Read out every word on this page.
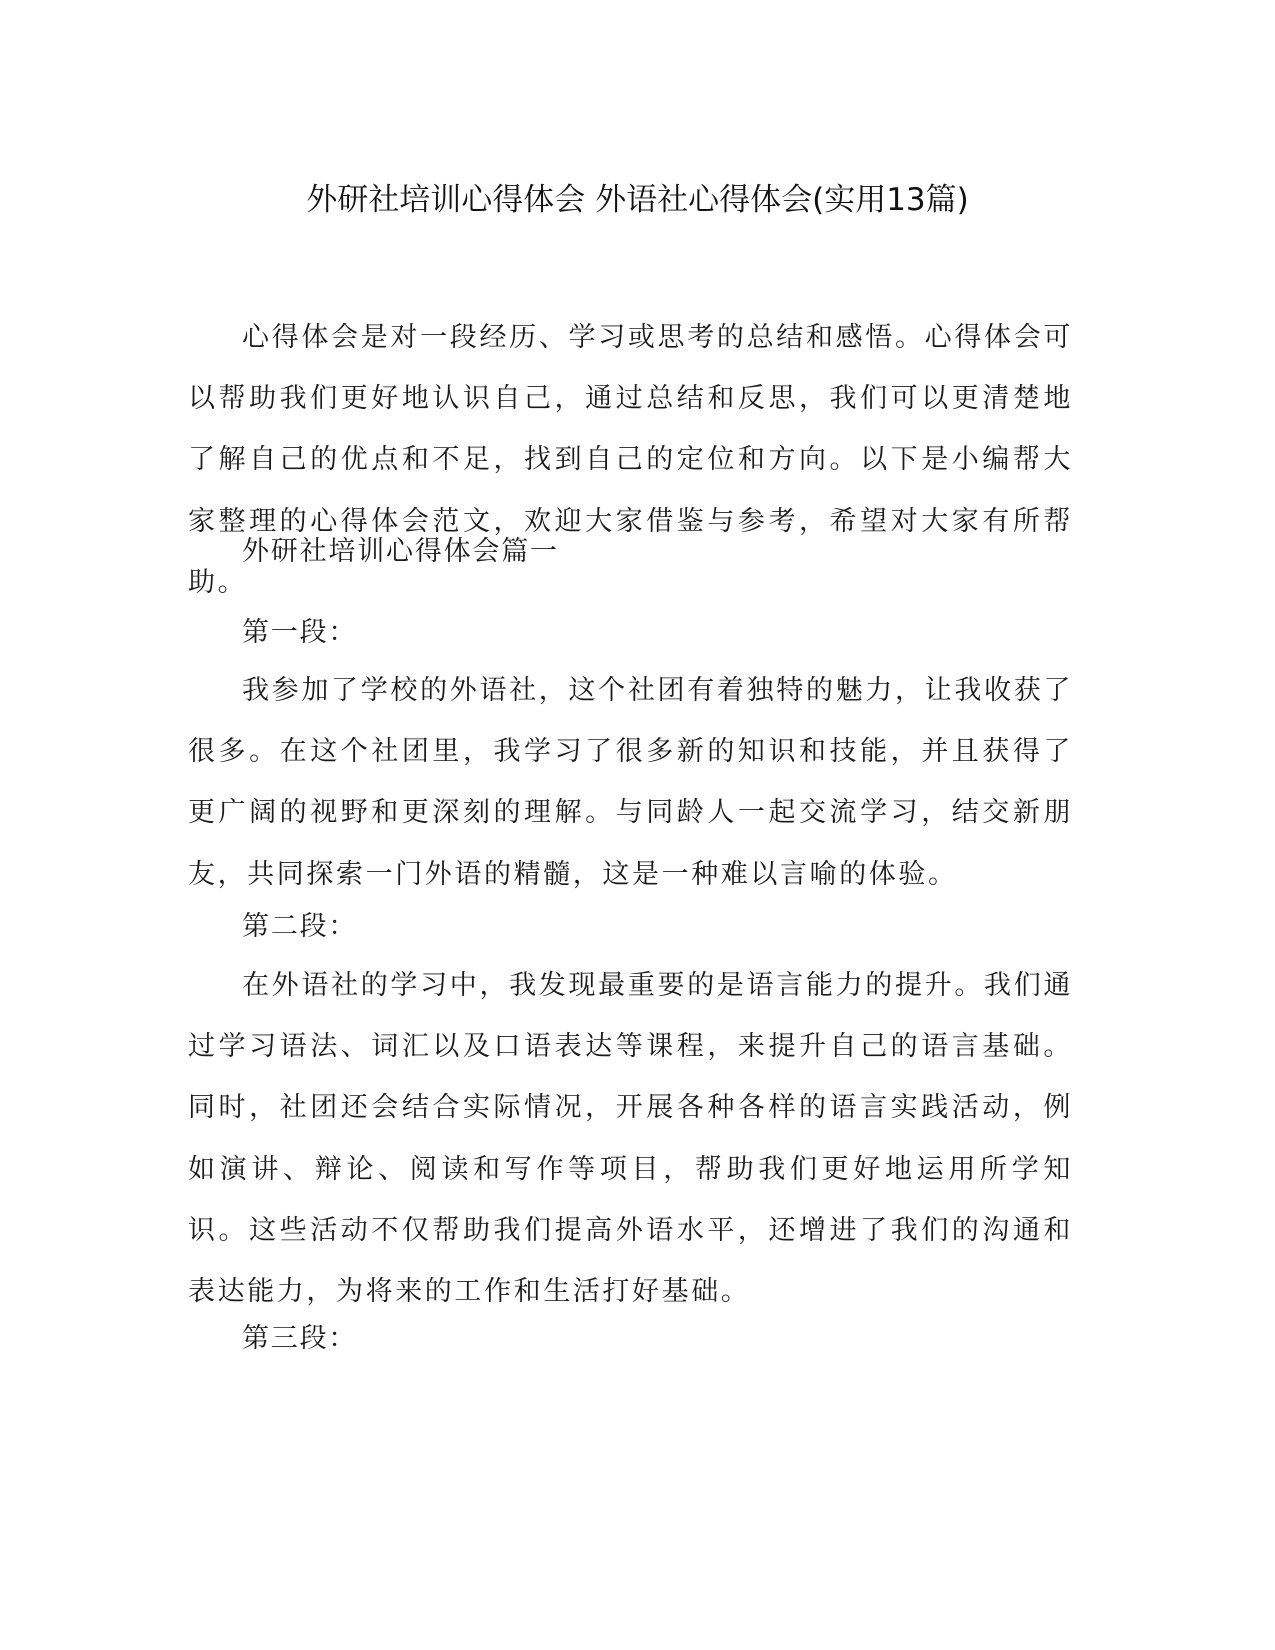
外研社培训心得体会 外语社心得体会(实用13篇)

心得体会是对一段经历、学习或思考的总结和感悟。心得体会可以帮助我们更好地认识自己，通过总结和反思，我们可以更清楚地了解自己的优点和不足，找到自己的定位和方向。以下是小编帮大家整理的心得体会范文，欢迎大家借鉴与参考，希望对大家有所帮助。

外研社培训心得体会篇一

第一段：

我参加了学校的外语社，这个社团有着独特的魅力，让我收获了很多。在这个社团里，我学习了很多新的知识和技能，并且获得了更广阔的视野和更深刻的理解。与同龄人一起交流学习，结交新朋友，共同探索一门外语的精髓，这是一种难以言喻的体验。

第二段：

在外语社的学习中，我发现最重要的是语言能力的提升。我们通过学习语法、词汇以及口语表达等课程，来提升自己的语言基础。同时，社团还会结合实际情况，开展各种各样的语言实践活动，例如演讲、辩论、阅读和写作等项目，帮助我们更好地运用所学知识。这些活动不仅帮助我们提高外语水平，还增进了我们的沟通和表达能力，为将来的工作和生活打好基础。

第三段：
